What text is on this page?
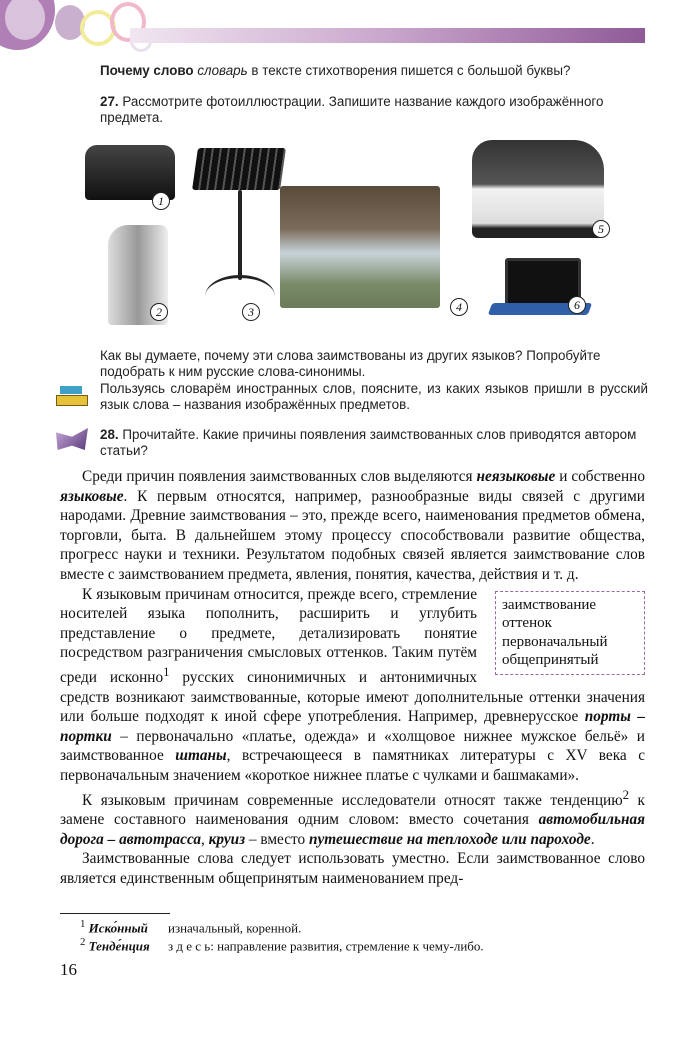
Почему слово словарь в тексте стихотворения пишется с большой буквы?
27. Рассмотрите фотоиллюстрации. Запишите название каждого изображённого предмета.
1
2	3	4
5
6
Как вы думаете, почему эти слова заимствованы из других языков? Попробуйте подобрать к ним русские слова-синонимы.
Пользуясь словарём иностранных слов, поясните, из каких языков пришли в русский язык слова – названия изображённых предметов.
28. Прочитайте. Какие причины появления заимствованных слов приводятся автором статьи?

Среди причин появления заимствованных слов выделяются неязыковые и собственно языковые. К первым относятся, например, разнообразные виды связей с другими народами. Древние заимствования – это, прежде всего, наименования предметов обмена, торговли, быта. В дальнейшем этому процессу способствовали развитие общества, прогресс науки и техники. Результатом подобных связей является заимствование слов вместе с заимствованием предмета, явления, понятия, качества, действия и т. д.

заимствование
оттенок
первоначальный
общепринятый

К языковым причинам относится, прежде всего, стремление носителей языка пополнить, расширить и углубить представление о предмете, детализировать понятие посредством разграничения смысловых оттенков. Таким путём среди исконно$^1$ русских синонимичных и антонимичных средств возникают заимствованные, которые имеют дополнительные оттенки значения или больше подходят к иной сфере употребления. Например, древнерусское порты – портки – первоначально «платье, одежда» и «холщовое нижнее мужское бельё» и заимствованное штаны, встречающееся в памятниках литературы с XV века с первоначальным значением «короткое нижнее платье с чулками и башмаками».

К языковым причинам современные исследователи относят также тенденцию$^2$ к замене составного наименования одним словом: вместо сочетания автомобильная дорога – автотрасса, круиз – вместо путешествие на теплоходе или пароходе.

Заимствованные слова следует использовать уместно. Если заимствованное слово является единственным общепринятым наименованием пред-

$^1$ Иско́нный изначальный, коренной.
$^2$ Тенде́нция з д е с ь: направление развития, стремление к чему-либо.
16
